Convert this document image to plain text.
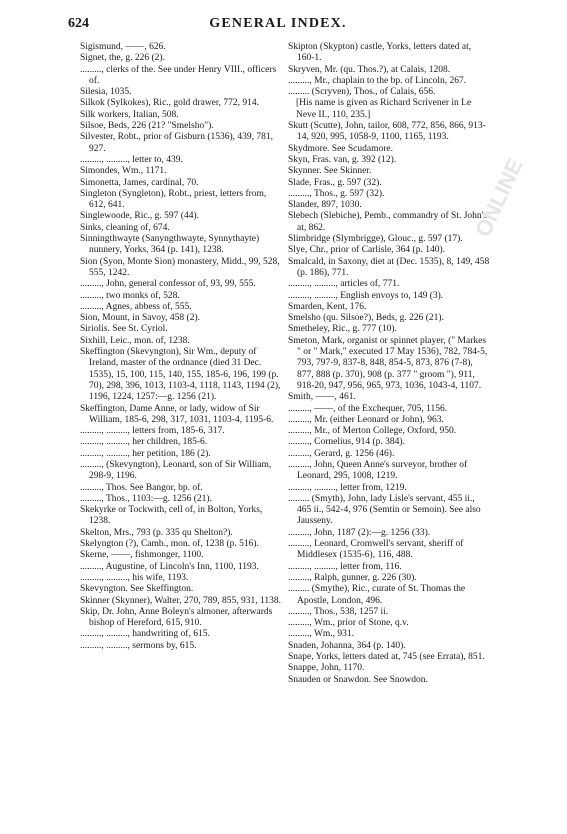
624	GENERAL INDEX.

Sigismund, ——, 626.

Signet, the, g. 226 (2).

........., clerks of the. See under Henry VIII., officers of.

Silesia, 1035.

Silkok (Sylkokes), Ric., gold drawer, 772, 914.

Silk workers, Italian, 508.

Silsoe, Beds, 226 (21? "Smelsho").

Silvester, Robt., prior of Gisburn (1536), 439, 781, 927.

........., ........., letter to, 439.

Simondes, Wm., 1171.

Simonetta, James, cardinal, 70.

Singleton (Syngleton), Robt., priest, letters from, 612, 641.

Singlewoode, Ric., g. 597 (44).

Sinks, cleaning of, 674.

Sinningthwayte (Sanyngthwayte, Synnythayte) nunnery, Yorks, 364 (p. 141), 1238.

Sion (Syon, Monte Sion) monastery, Midd., 99, 528, 555, 1242.

........., John, general confessor of, 93, 99, 555.

........., two monks of, 528.

........., Agnes, abbess of, 555.

Sion, Mount, in Savoy, 458 (2).

Siriolis. See St. Cyriol.

Sixhill, Leic., mon. of, 1238.

Skeffington (Skevyngton), Sir Wm., deputy of Ireland, master of the ordnance (died 31 Dec. 1535), 15, 100, 115, 140, 155, 185-6, 196, 199 (p. 70), 298, 396, 1013, 1103-4, 1118, 1143, 1194 (2), 1196, 1224, 1257:—g. 1256 (21).

Skeffington, Dame Anne, or lady, widow of Sir William, 185-6, 298, 317, 1031, 1103-4, 1195-6.

........., ........., letters from, 185-6, 317.

........., ........., her children, 185-6.

........., ........., her petition, 186 (2).

........., (Skevyngton), Leonard, son of Sir William, 298-9, 1196.

........., Thos. See Bangor, bp. of.

........., Thos., 1103:—g. 1256 (21).

Skekyrke or Tockwith, cell of, in Bolton, Yorks, 1238.

Skelton, Mrs., 793 (p. 335 qu Shelton?).

Skelyngton (?), Camb., mon. of, 1238 (p. 516).

Skerne, ——, fishmonger, 1100.

........., Augustine, of Lincoln's Inn, 1100, 1193.

........., ........., his wife, 1193.

Skevyngton. See Skeffington.

Skinner (Skynner), Walter, 270, 789, 855, 931, 1138.

Skip, Dr. John, Anne Boleyn's almoner, afterwards bishop of Hereford, 615, 910.

........., ........., handwriting of, 615.

........., ........., sermons by, 615.

Skipton (Skypton) castle, Yorks, letters dated at, 160-1.

Skryven, Mr. (qu. Thos.?), at Calais, 1208.

........., Mr., chaplain to the bp. of Lincoln, 267.

......... (Scryven), Thos., of Calais, 656.

[His name is given as Richard Scrivener in Le Neve II., 110, 235.]

Skutt (Scutte), John, tailor, 608, 772, 856, 866, 913-14, 920, 995, 1058-9, 1100, 1165, 1193.

Skydmore. See Scudamore.

Skyn, Fras. van, g. 392 (12).

Skynner. See Skinner.

Slade, Fras., g. 597 (32).

........., Thos., g. 597 (32).

Slander, 897, 1030.

Slebech (Slebiche), Pemb., commandry of St. John's at, 862.

Slimbridge (Slymbrigge), Glouc., g. 597 (17).

Slye, Chr., prior of Carlisle, 364 (p. 140).

Smalcald, in Saxony, diet at (Dec. 1535), 8, 149, 458 (p. 186), 771.

........., ........., articles of, 771.

........., ........., English envoys to, 149 (3).

Smarden, Kent, 176.

Smelsho (qu. Silsoe?), Beds, g. 226 (21).

Smetheley, Ric., g. 777 (10).

Smeton, Mark, organist or spinnet player, (" Markes " or " Mark," executed 17 May 1536), 782, 784-5, 793, 797-9, 837-8, 848, 854-5, 873, 876 (7-8), 877, 888 (p. 370), 908 (p. 377 " groom "), 911, 918-20, 947, 956, 965, 973, 1036, 1043-4, 1107.

Smith, ——, 461.

........., ——, of the Exchequer, 705, 1156.

........., Mr. (either Leonard or John), 963.

........., Mr., of Merton College, Oxford, 950.

........., Cornelius, 914 (p. 384).

........., Gerard, g. 1256 (46).

........., John, Queen Anne's surveyor, brother of Leonard, 295, 1008, 1219.

........., ........., letter from, 1219.

......... (Smyth), John, lady Lisle's servant, 455 ii., 465 ii., 542-4, 976 (Semtin or Semoin). See also Jausseny.

........., John, 1187 (2):—g. 1256 (33).

........., Leonard, Cromwell's servant, sheriff of Middlesex (1535-6), 116, 488.

........., ........., letter from, 116.

........., Ralph, gunner, g. 226 (30).

......... (Smythe), Ric., curate of St. Thomas the Apostle, London, 496.

........., Thos., 538, 1257 ii.

........., Wm., prior of Stone, q.v.

........., Wm., 931.

Snaden, Johanna, 364 (p. 140).

Snape, Yorks, letters dated at, 745 (see Errata), 851.

Snappe, John, 1170.

Snauden or Snawdon. See Snowdon.

ONLINE
